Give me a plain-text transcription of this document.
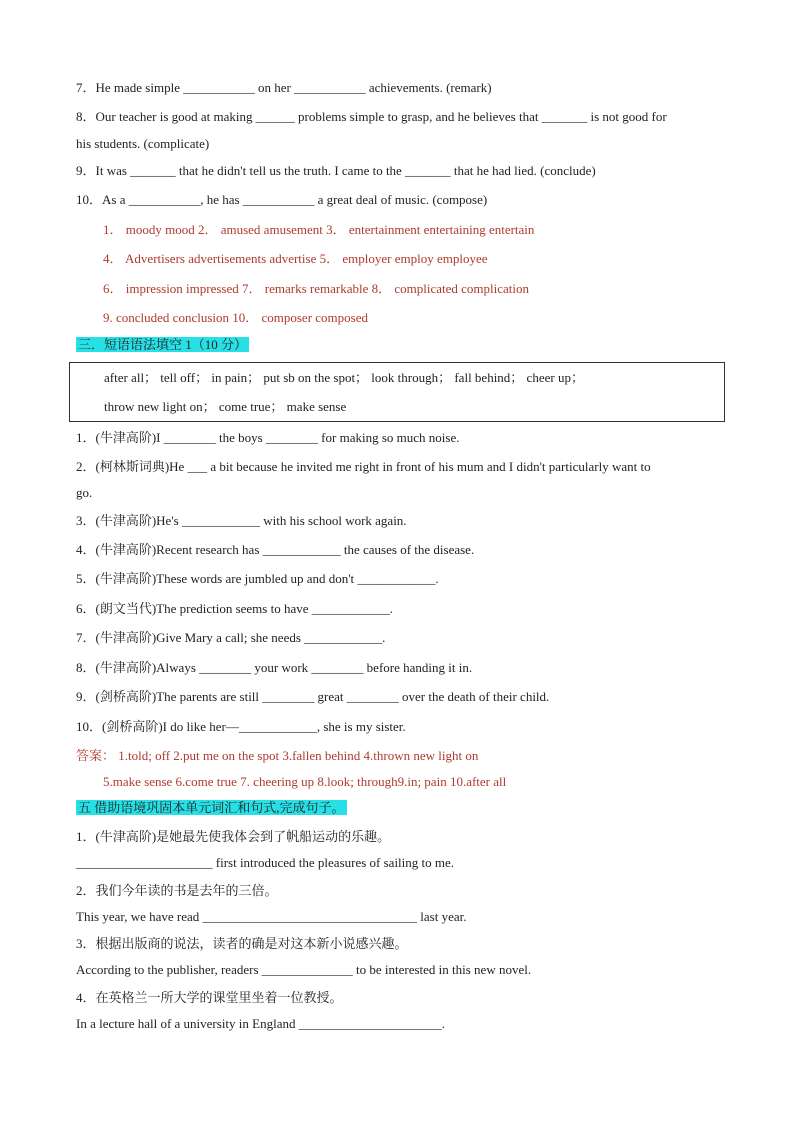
7．He made simple ___________ on her ___________ achievements. (remark)
8．Our teacher is good at making ______ problems simple to grasp, and he believes that _______ is not good for
his students. (complicate)
9．It was _______ that he didn't tell us the truth. I came to the _______ that he had lied. (conclude)
10．As a ___________, he has ___________ a great deal of music. (compose)
1． moody mood 2． amused amusement 3． entertainment entertaining entertain
4． Advertisers advertisements advertise 5． employer employ employee
6． impression impressed 7． remarks remarkable 8． complicated complication
9. concluded conclusion 10． composer composed
三．短语语法填空 1（10 分）
after all； tell off； in pain； put sb on the spot； look through； fall behind； cheer up；
throw new light on； come true； make sense
1．(牛津高阶)I ________ the boys ________ for making so much noise.
2．(柯林斯词典)He ___ a bit because he invited me right in front of his mum and I didn't particularly want to
go.
3．(牛津高阶)He's ____________ with his school work again.
4．(牛津高阶)Recent research has ____________ the causes of the disease.
5．(牛津高阶)These words are jumbled up and don't ____________.
6．(朗文当代)The prediction seems to have ____________.
7．(牛津高阶)Give Mary a call; she needs ____________.
8．(牛津高阶)Always ________ your work ________ before handing it in.
9．(剑桥高阶)The parents are still ________ great ________ over the death of their child.
10．(剑桥高阶)I do like her—____________, she is my sister.
答案： 1.told; off 2.put me on the spot 3.fallen behind 4.thrown new light on
5.make sense 6.come true 7. cheering up 8.look; through9.in; pain 10.after all
五 借助语境巩固本单元词汇和句式,完成句子。
1．(牛津高阶)是她最先使我体会到了帆船运动的乐趣。
_____________________ first introduced the pleasures of sailing to me.
2．我们今年读的书是去年的三倍。
This year, we have read _________________________________ last year.
3．根据出版商的说法，读者的确是对这本新小说感兴趣。
According to the publisher, readers ______________ to be interested in this new novel.
4．在英格兰一所大学的课堂里坐着一位教授。
In a lecture hall of a university in England ______________________.
